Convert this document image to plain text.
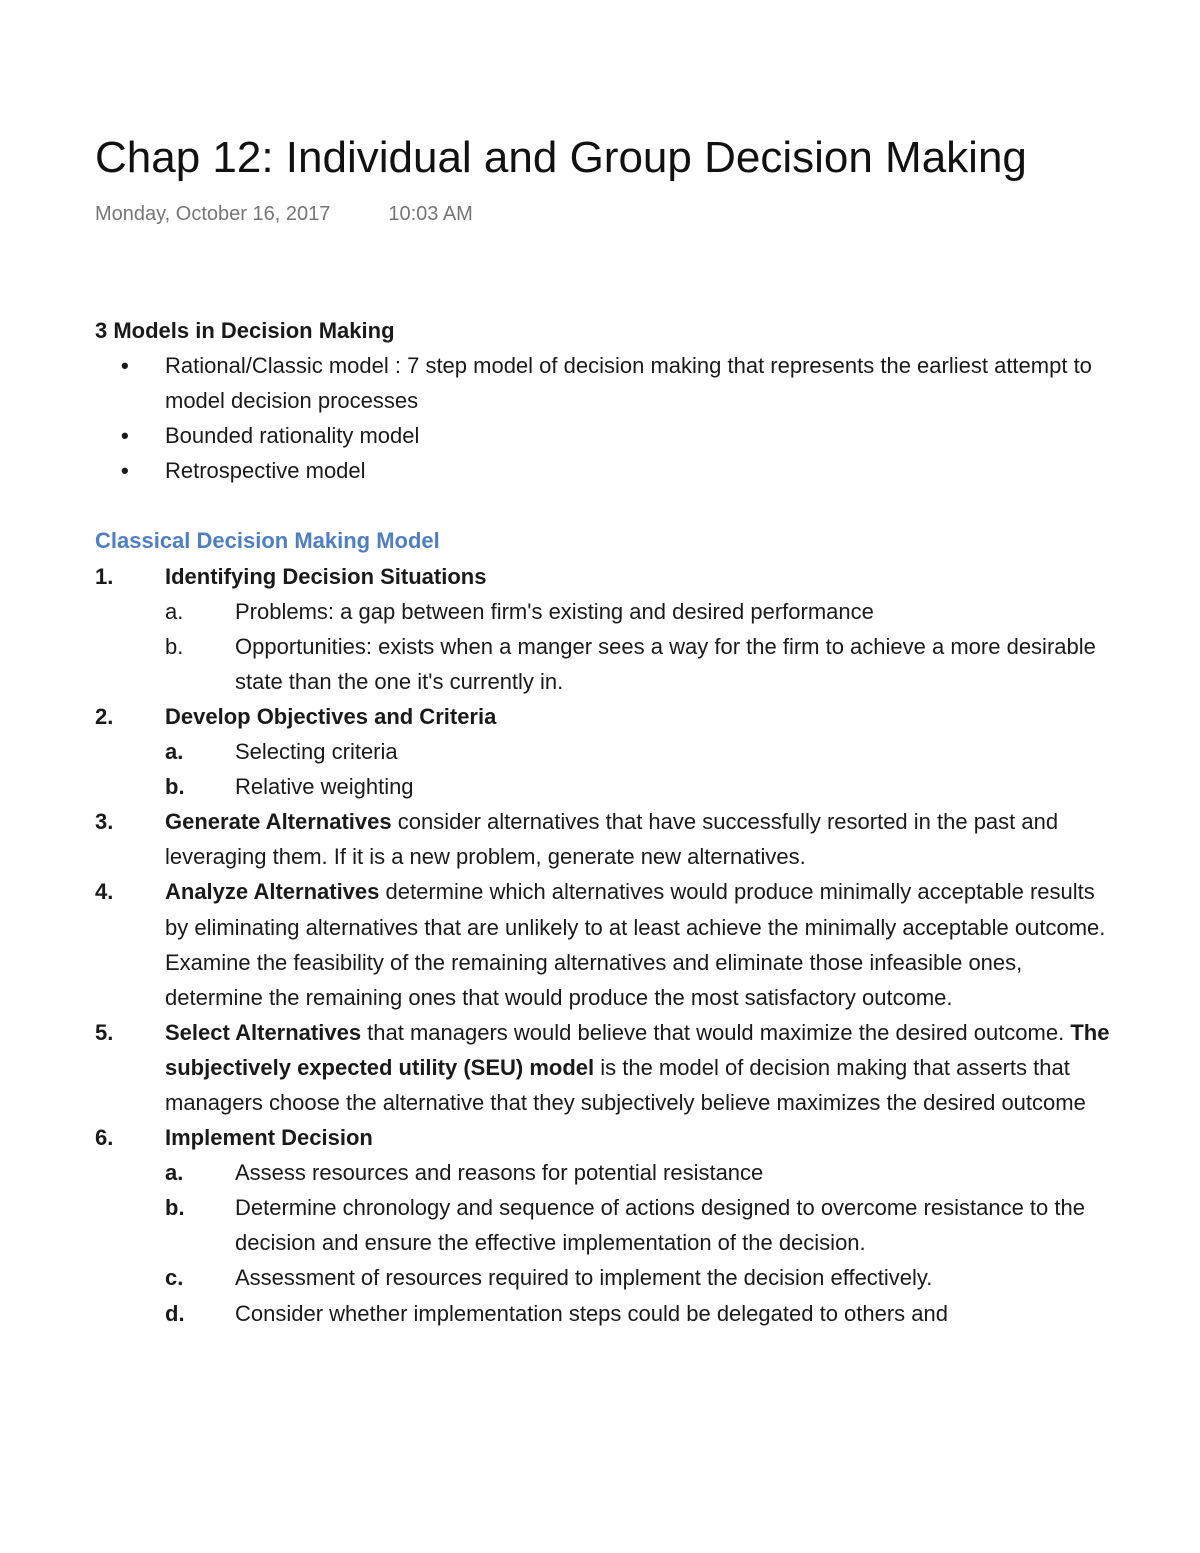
Chap 12: Individual and Group Decision Making
Monday, October 16, 2017	10:03 AM
3 Models in Decision Making
•	Rational/Classic model : 7 step model of decision making that represents the earliest attempt to model decision processes
•	Bounded rationality model
•	Retrospective model
Classical Decision Making Model
1.	Identifying Decision Situations
a.	Problems: a gap between firm's existing and desired performance
b.	Opportunities: exists when a manger sees a way for the firm to achieve a more desirable state than the one it's currently in.
2.	Develop Objectives and Criteria
a.	Selecting criteria
b.	Relative weighting
3.	Generate Alternatives consider alternatives that have successfully resorted in the past and leveraging them. If it is a new problem, generate new alternatives.
4.	Analyze Alternatives determine which alternatives would produce minimally acceptable results by eliminating alternatives that are unlikely to at least achieve the minimally acceptable outcome. Examine the feasibility of the remaining alternatives and eliminate those infeasible ones, determine the remaining ones that would produce the most satisfactory outcome.
5.	Select Alternatives that managers would believe that would maximize the desired outcome. The subjectively expected utility (SEU) model is the model of decision making that asserts that managers choose the alternative that they subjectively believe maximizes the desired outcome
6.	Implement Decision
a.	Assess resources and reasons for potential resistance
b.	Determine chronology and sequence of actions designed to overcome resistance to the decision and ensure the effective implementation of the decision.
c.	Assessment of resources required to implement the decision effectively.
d.	Consider whether implementation steps could be delegated to others and
